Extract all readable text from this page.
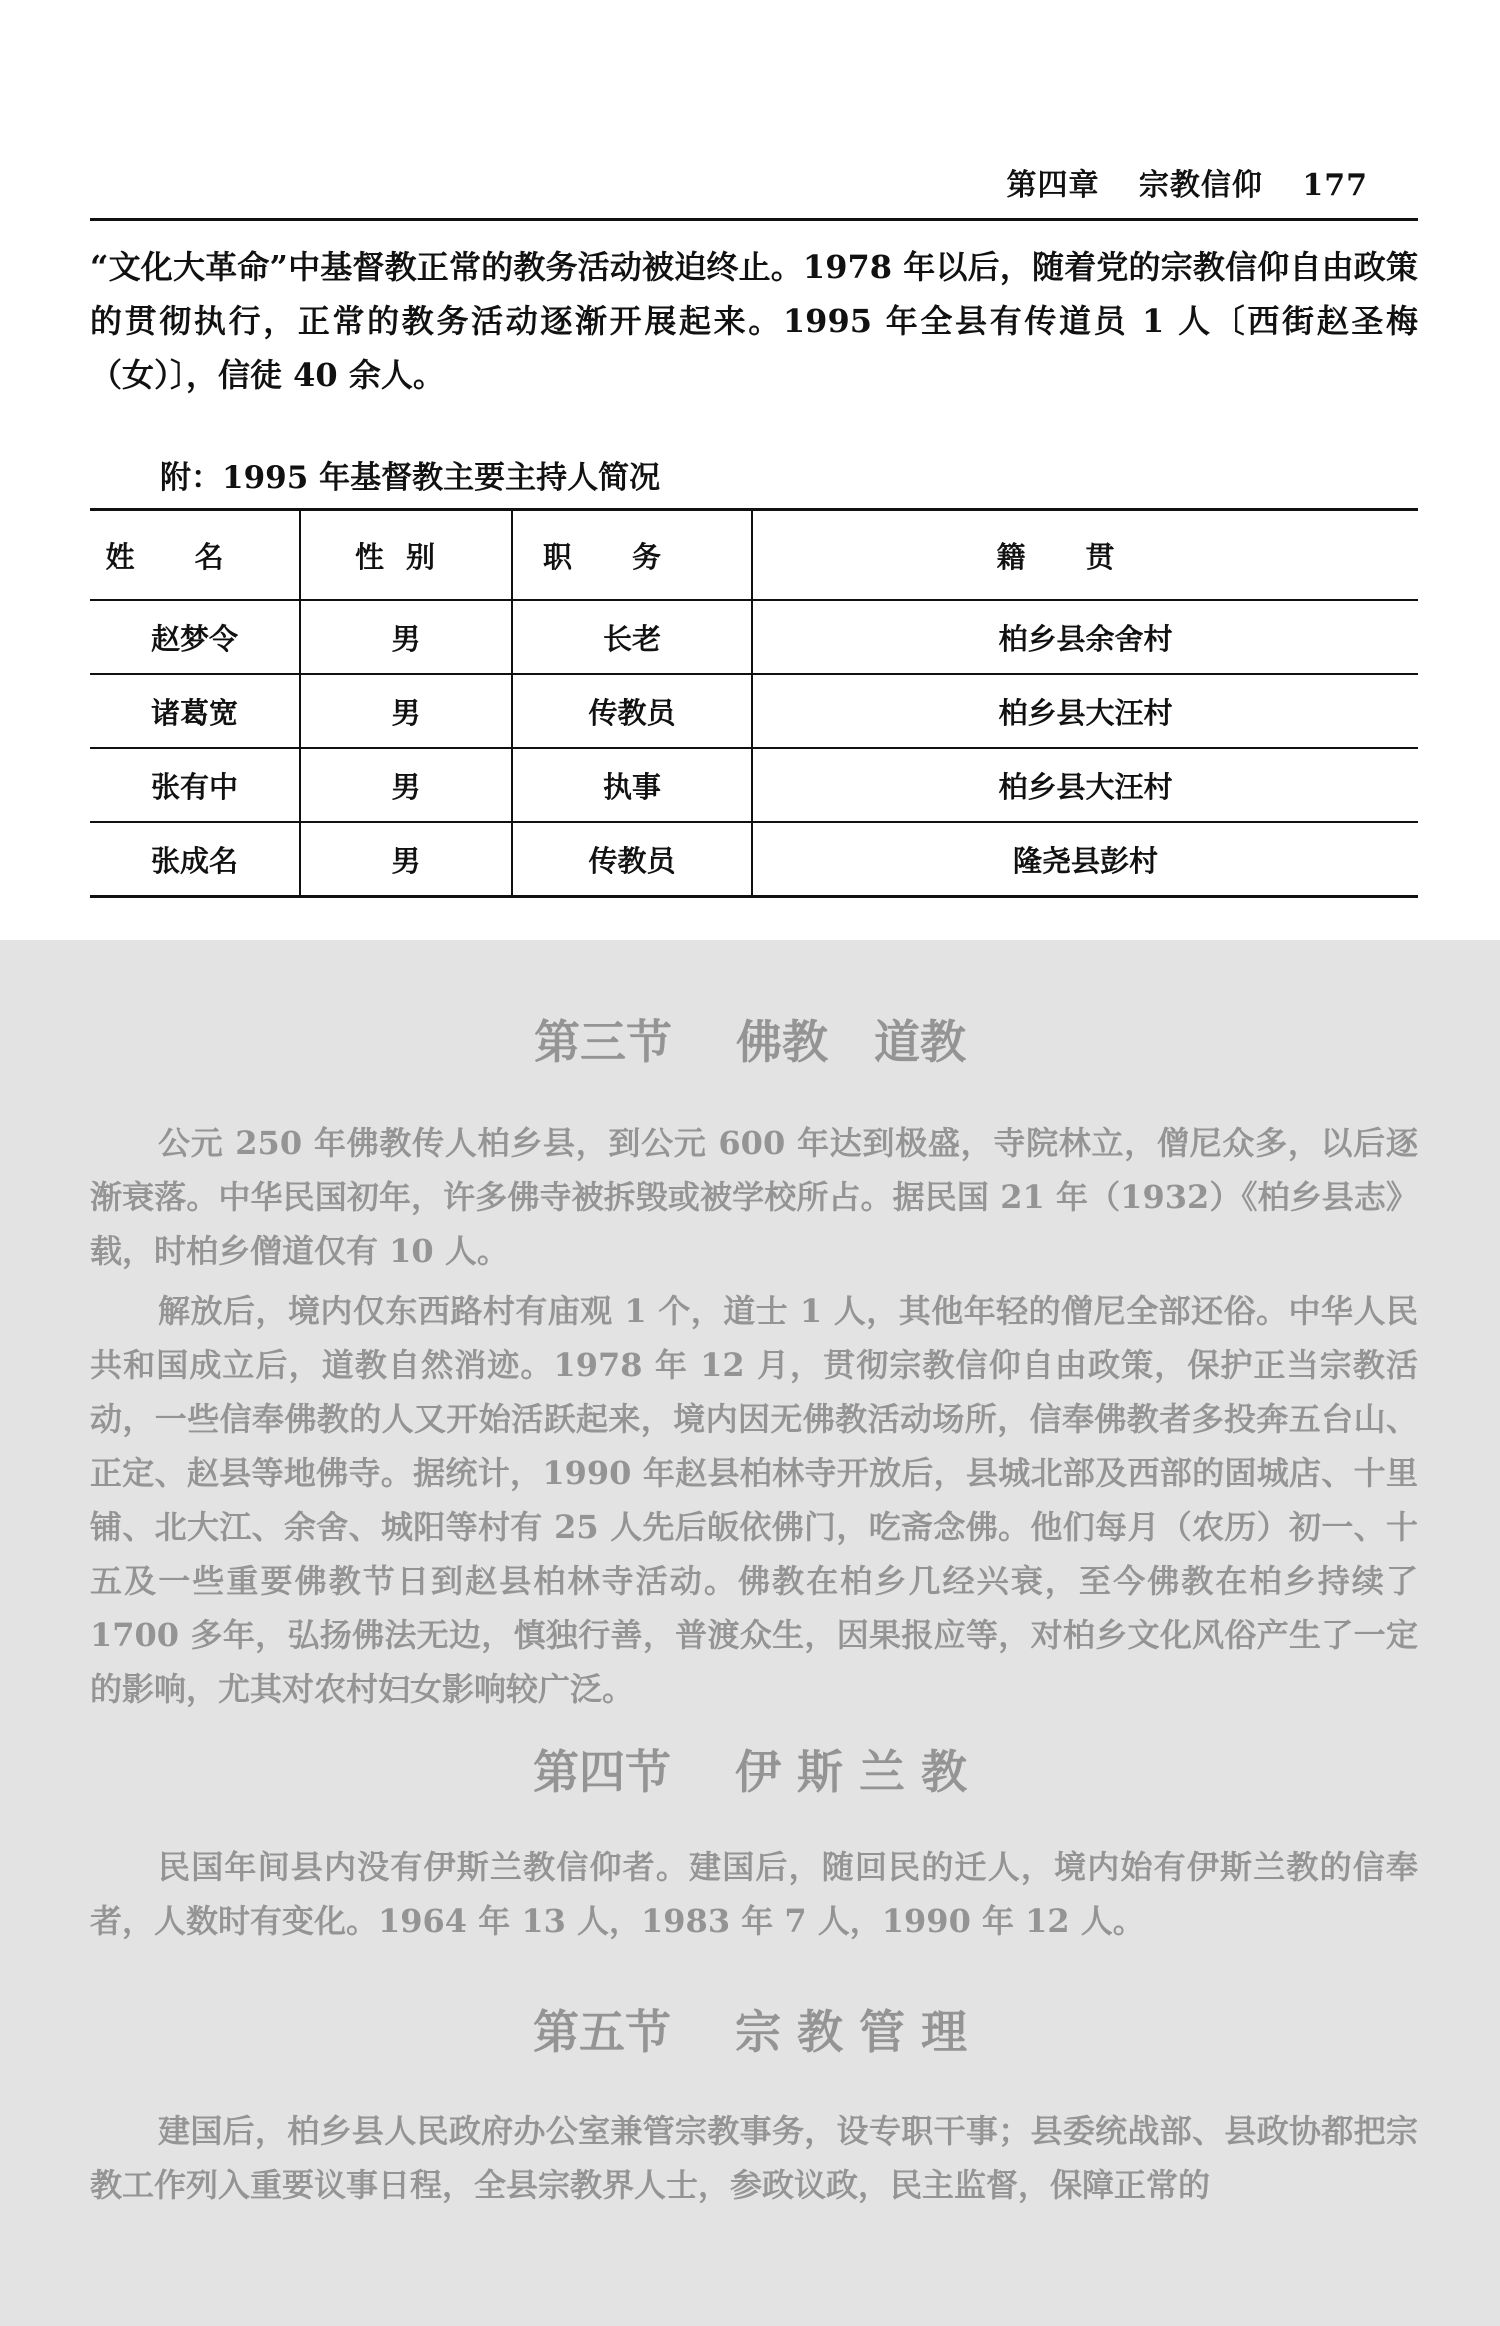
第四章 宗教信仰 177
“文化大革命”中基督教正常的教务活动被迫终止。1978 年以后，随着党的宗教信仰自由政策的贯彻执行，正常的教务活动逐渐开展起来。1995 年全县有传道员 1 人〔西街赵圣梅（女）〕，信徒 40 余人。
附：1995 年基督教主要主持人简况
姓名	性别	职务	籍贯
赵梦令	男	长老	柏乡县余舍村
诸葛宽	男	传教员	柏乡县大汪村
张有中	男	执事	柏乡县大汪村
张成名	男	传教员	隆尧县彭村
第三节 佛教　道教
公元 250 年佛教传人柏乡县，到公元 600 年达到极盛，寺院林立，僧尼众多，以后逐渐衰落。中华民国初年，许多佛寺被拆毁或被学校所占。据民国 21 年（1932）《柏乡县志》载，时柏乡僧道仅有 10 人。
解放后，境内仅东西路村有庙观 1 个，道士 1 人，其他年轻的僧尼全部还俗。中华人民共和国成立后，道教自然消迹。1978 年 12 月，贯彻宗教信仰自由政策，保护正当宗教活动，一些信奉佛教的人又开始活跃起来，境内因无佛教活动场所，信奉佛教者多投奔五台山、正定、赵县等地佛寺。据统计，1990 年赵县柏林寺开放后，县城北部及西部的固城店、十里铺、北大江、余舍、城阳等村有 25 人先后皈依佛门，吃斋念佛。他们每月（农历）初一、十五及一些重要佛教节日到赵县柏林寺活动。佛教在柏乡几经兴衰，至今佛教在柏乡持续了 1700 多年，弘扬佛法无边，慎独行善，普渡众生，因果报应等，对柏乡文化风俗产生了一定的影响，尤其对农村妇女影响较广泛。
第四节 伊 斯 兰 教
民国年间县内没有伊斯兰教信仰者。建国后，随回民的迁人，境内始有伊斯兰教的信奉者，人数时有变化。1964 年 13 人，1983 年 7 人，1990 年 12 人。
第五节 宗 教 管 理
建国后，柏乡县人民政府办公室兼管宗教事务，设专职干事；县委统战部、县政协都把宗教工作列入重要议事日程，全县宗教界人士，参政议政，民主监督，保障正常的
